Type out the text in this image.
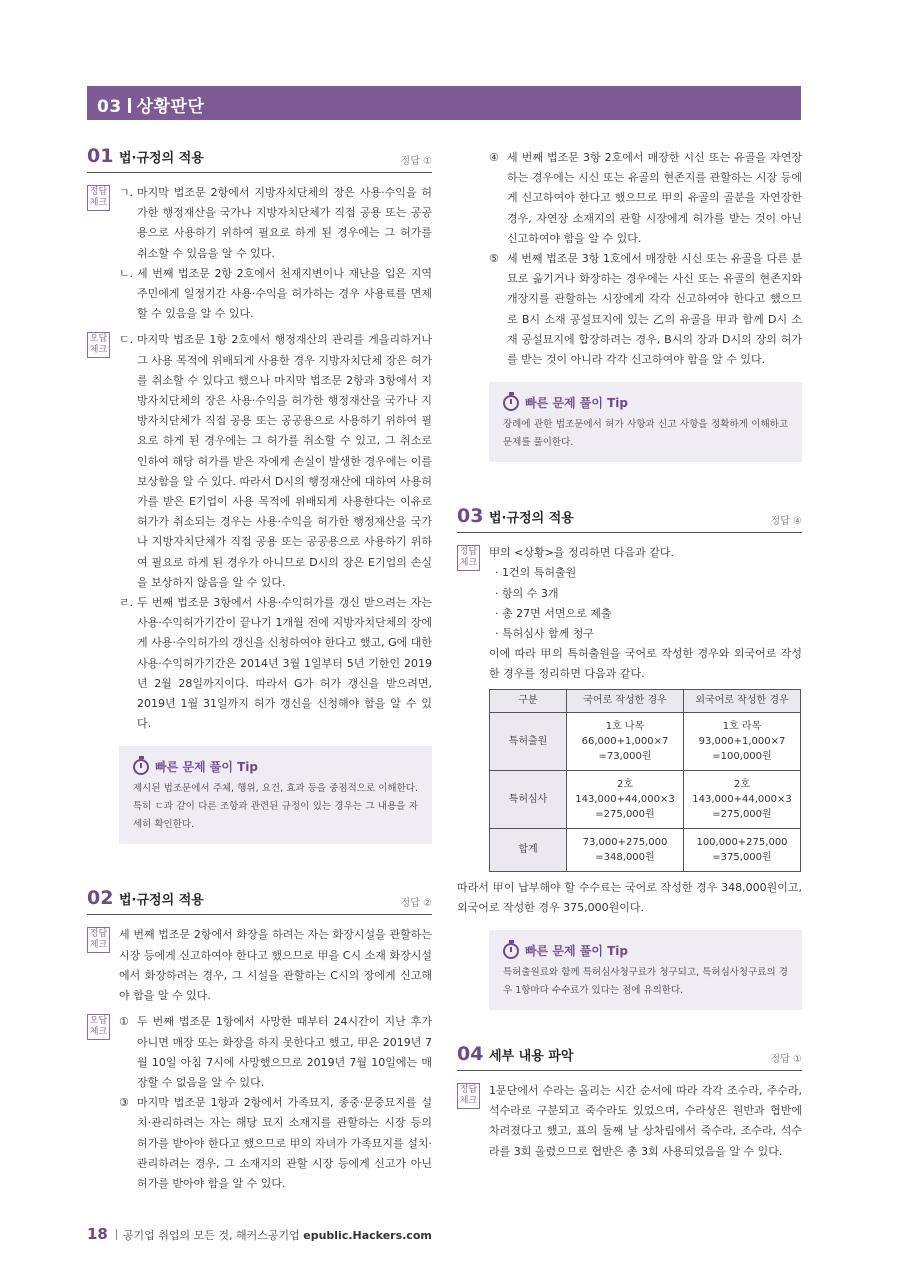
03 상황판단
01 법·규정의 적용	정답 ①
정답
체크
ㄱ. 마지막 법조문 2항에서 지방자치단체의 장은 사용·수익을 허가한 행정재산을 국가나 지방자치단체가 직접 공용 또는 공공용으로 사용하기 위하여 필요로 하게 된 경우에는 그 허가를 취소할 수 있음을 알 수 있다.
ㄴ. 세 번째 법조문 2항 2호에서 천재지변이나 재난을 입은 지역주민에게 일정기간 사용·수익을 허가하는 경우 사용료를 면제할 수 있음을 알 수 있다.
오답
체크
ㄷ. 마지막 법조문 1항 2호에서 행정재산의 관리를 게을리하거나 그 사용 목적에 위배되게 사용한 경우 지방자치단체 장은 허가를 취소할 수 있다고 했으나 마지막 법조문 2항과 3항에서 지방자치단체의 장은 사용·수익을 허가한 행정재산을 국가나 지방자치단체가 직접 공용 또는 공공용으로 사용하기 위하여 필요로 하게 된 경우에는 그 허가를 취소할 수 있고, 그 취소로 인하여 해당 허가를 받은 자에게 손실이 발생한 경우에는 이를 보상함을 알 수 있다. 따라서 D시의 행정재산에 대하여 사용허가를 받은 E기업이 사용 목적에 위배되게 사용한다는 이유로 허가가 취소되는 경우는 사용·수익을 허가한 행정재산을 국가나 지방자치단체가 직접 공용 또는 공공용으로 사용하기 위하여 필요로 하게 된 경우가 아니므로 D시의 장은 E기업의 손실을 보상하지 않음을 알 수 있다.
ㄹ. 두 번째 법조문 3항에서 사용·수익허가를 갱신 받으려는 자는 사용·수익허가기간이 끝나기 1개월 전에 지방자치단체의 장에게 사용·수익허가의 갱신을 신청하여야 한다고 했고, G에 대한 사용·수익허가기간은 2014년 3월 1일부터 5년 기한인 2019년 2월 28일까지이다. 따라서 G가 허가 갱신을 받으려면, 2019년 1월 31일까지 허가 갱신을 신청해야 함을 알 수 있다.
빠른 문제 풀이 Tip
제시된 법조문에서 주체, 행위, 요건, 효과 등을 중점적으로 이해한다. 특히 ㄷ과 같이 다른 조항과 관련된 규정이 있는 경우는 그 내용을 자세히 확인한다.
02 법·규정의 적용	정답 ②
정답
체크
세 번째 법조문 2항에서 화장을 하려는 자는 화장시설을 관할하는 시장 등에게 신고하여야 한다고 했으므로 甲을 C시 소재 화장시설에서 화장하려는 경우, 그 시설을 관할하는 C시의 장에게 신고해야 함을 알 수 있다.
오답
체크
① 두 번째 법조문 1항에서 사망한 때부터 24시간이 지난 후가 아니면 매장 또는 화장을 하지 못한다고 했고, 甲은 2019년 7월 10일 아침 7시에 사망했으므로 2019년 7월 10일에는 매장할 수 없음을 알 수 있다.
③ 마지막 법조문 1항과 2항에서 가족묘지, 종중·문중묘지를 설치·관리하려는 자는 해당 묘지 소재지를 관할하는 시장 등의 허가를 받아야 한다고 했으므로 甲의 자녀가 가족묘지를 설치·관리하려는 경우, 그 소재지의 관할 시장 등에게 신고가 아닌 허가를 받아야 함을 알 수 있다.
④ 세 번째 법조문 3항 2호에서 매장한 시신 또는 유골을 자연장하는 경우에는 시신 또는 유골의 현존지를 관할하는 시장 등에게 신고하여야 한다고 했으므로 甲의 유골의 골분을 자연장한 경우, 자연장 소재지의 관할 시장에게 허가를 받는 것이 아닌 신고하여야 함을 알 수 있다.
⑤ 세 번째 법조문 3항 1호에서 매장한 시신 또는 유골을 다른 분묘로 옮기거나 화장하는 경우에는 사신 또는 유골의 현존지와 개장지를 관할하는 시장에게 각각 신고하여야 한다고 했으므로 B시 소재 공설묘지에 있는 乙의 유골을 甲과 함께 D시 소재 공설묘지에 합장하려는 경우, B시의 장과 D시의 장의 허가를 받는 것이 아니라 각각 신고하여야 함을 알 수 있다.
빠른 문제 풀이 Tip
장례에 관한 법조문에서 허가 사항과 신고 사항을 정확하게 이해하고 문제를 풀이한다.
03 법·규정의 적용	정답 ④
정답
체크
甲의 <상황>을 정리하면 다음과 같다.
· 1건의 특허출원
· 항의 수 3개
· 총 27면 서면으로 제출
· 특허심사 함께 청구
이에 따라 甲의 특허출원을 국어로 작성한 경우와 외국어로 작성한 경우를 정리하면 다음과 같다.
구분	국어로 작성한 경우	외국어로 작성한 경우
특허출원	1호 나목
66,000+1,000×7
=73,000원	1호 라목
93,000+1,000×7
=100,000원
특허심사	2호
143,000+44,000×3
=275,000원	2호
143,000+44,000×3
=275,000원
합계	73,000+275,000
=348,000원	100,000+275,000
=375,000원
따라서 甲이 납부해야 할 수수료는 국어로 작성한 경우 348,000원이고, 외국어로 작성한 경우 375,000원이다.
빠른 문제 풀이 Tip
특허출원료와 함께 특허심사청구료가 청구되고, 특허심사청구료의 경우 1항마다 수수료가 있다는 점에 유의한다.
04 세부 내용 파악	정답 ①
정답
체크
1문단에서 수라는 올리는 시간 순서에 따라 각각 조수라, 주수라, 석수라로 구분되고 죽수라도 있었으며, 수라상은 원반과 협반에 차려졌다고 했고, 표의 둘째 날 상차림에서 죽수라, 조수라, 석수라를 3회 올렸으므로 협반은 총 3회 사용되었음을 알 수 있다.
18 공기업 취업의 모든 것, 해커스공기업 epublic.Hackers.com
